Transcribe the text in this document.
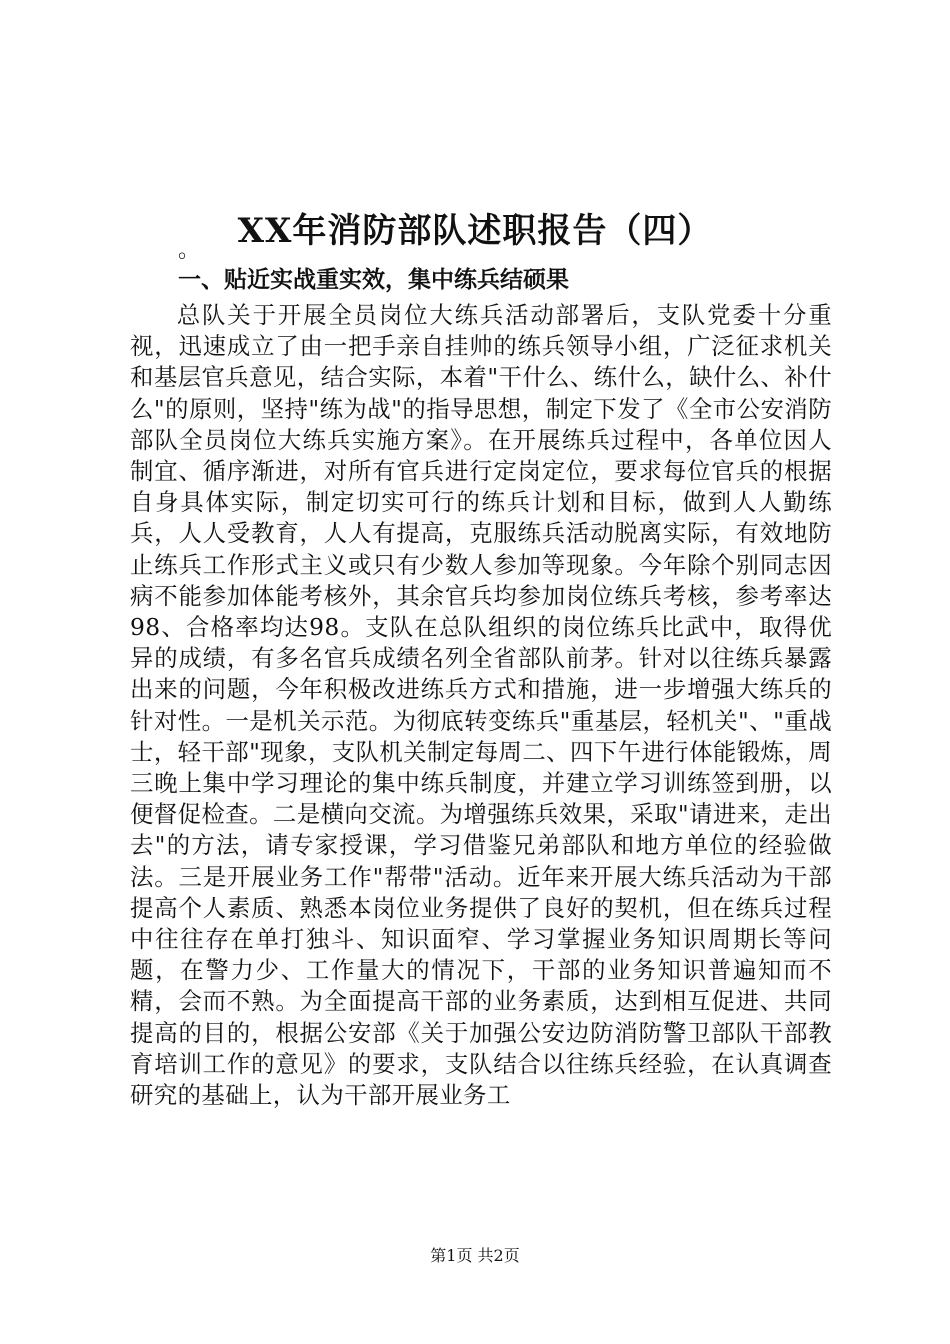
XX年消防部队述职报告（四）
。
一、贴近实战重实效，集中练兵结硕果

总队关于开展全员岗位大练兵活动部署后，支队党委十分重视，迅速成立了由一把手亲自挂帅的练兵领导小组，广泛征求机关和基层官兵意见，结合实际，本着"干什么、练什么，缺什么、补什么"的原则，坚持"练为战"的指导思想，制定下发了《全市公安消防部队全员岗位大练兵实施方案》。在开展练兵过程中，各单位因人制宜、循序渐进，对所有官兵进行定岗定位，要求每位官兵的根据自身具体实际，制定切实可行的练兵计划和目标，做到人人勤练兵，人人受教育，人人有提高，克服练兵活动脱离实际，有效地防止练兵工作形式主义或只有少数人参加等现象。今年除个别同志因病不能参加体能考核外，其余官兵均参加岗位练兵考核，参考率达98、合格率均达98。支队在总队组织的岗位练兵比武中，取得优异的成绩，有多名官兵成绩名列全省部队前茅。针对以往练兵暴露出来的问题，今年积极改进练兵方式和措施，进一步增强大练兵的针对性。一是机关示范。为彻底转变练兵"重基层，轻机关"、"重战士，轻干部"现象，支队机关制定每周二、四下午进行体能锻炼，周三晚上集中学习理论的集中练兵制度，并建立学习训练签到册，以便督促检查。二是横向交流。为增强练兵效果，采取"请进来，走出去"的方法，请专家授课，学习借鉴兄弟部队和地方单位的经验做法。三是开展业务工作"帮带"活动。近年来开展大练兵活动为干部提高个人素质、熟悉本岗位业务提供了良好的契机，但在练兵过程中往往存在单打独斗、知识面窄、学习掌握业务知识周期长等问题，在警力少、工作量大的情况下，干部的业务知识普遍知而不精，会而不熟。为全面提高干部的业务素质，达到相互促进、共同提高的目的，根据公安部《关于加强公安边防消防警卫部队干部教育培训工作的意见》的要求，支队结合以往练兵经验，在认真调查研究的基础上，认为干部开展业务工

第1页 共2页
